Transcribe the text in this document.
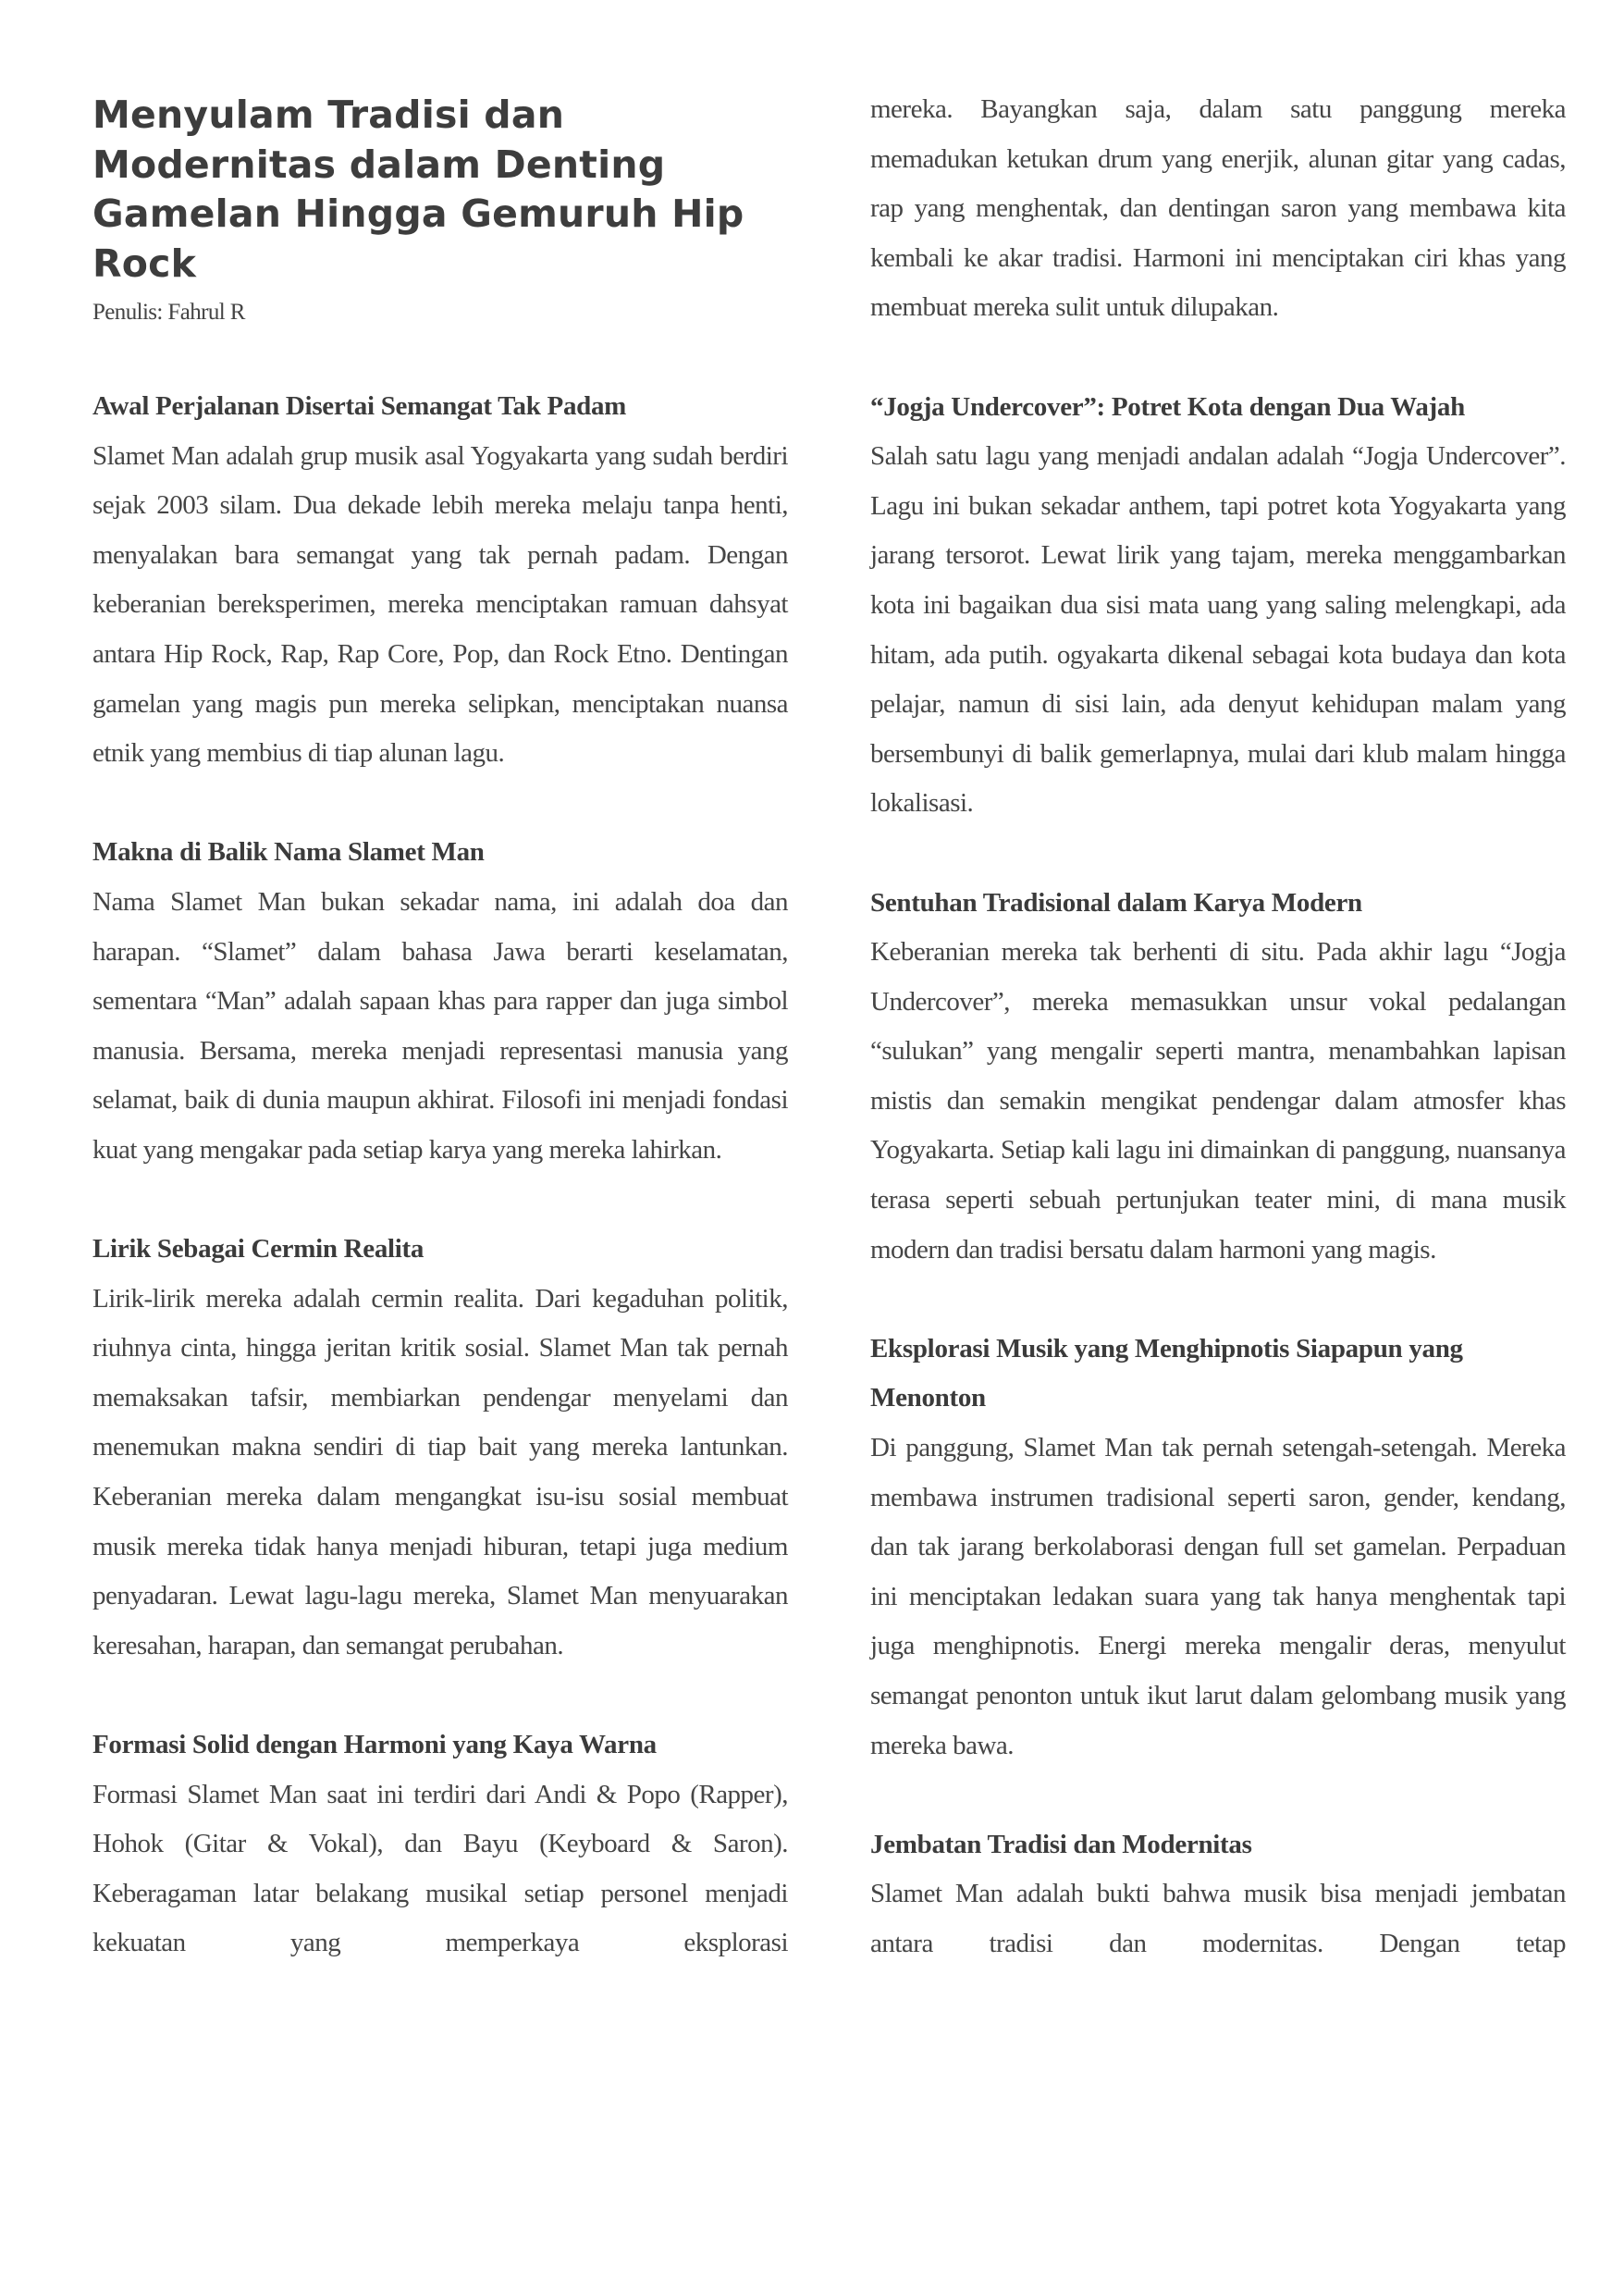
Menyulam Tradisi dan Modernitas dalam Denting Gamelan Hingga Gemuruh Hip Rock

Penulis: Fahrul R

Awal Perjalanan Disertai Semangat Tak Padam

Slamet Man adalah grup musik asal Yogyakarta yang sudah berdiri sejak 2003 silam. Dua dekade lebih mereka melaju tanpa henti, menyalakan bara semangat yang tak pernah padam. Dengan keberanian bereksperimen, mereka menciptakan ramuan dahsyat antara Hip Rock, Rap, Rap Core, Pop, dan Rock Etno. Dentingan gamelan yang magis pun mereka selipkan, menciptakan nuansa etnik yang membius di tiap alunan lagu.

Makna di Balik Nama Slamet Man

Nama Slamet Man bukan sekadar nama, ini adalah doa dan harapan. “Slamet” dalam bahasa Jawa berarti keselamatan, sementara “Man” adalah sapaan khas para rapper dan juga simbol manusia. Bersama, mereka menjadi representasi manusia yang selamat, baik di dunia maupun akhirat. Filosofi ini menjadi fondasi kuat yang mengakar pada setiap karya yang mereka lahirkan.

Lirik Sebagai Cermin Realita

Lirik-lirik mereka adalah cermin realita. Dari kegaduhan politik, riuhnya cinta, hingga jeritan kritik sosial. Slamet Man tak pernah memaksakan tafsir, membiarkan pendengar menyelami dan menemukan makna sendiri di tiap bait yang mereka lantunkan. Keberanian mereka dalam mengangkat isu-isu sosial membuat musik mereka tidak hanya menjadi hiburan, tetapi juga medium penyadaran. Lewat lagu-lagu mereka, Slamet Man menyuarakan keresahan, harapan, dan semangat perubahan.

Formasi Solid dengan Harmoni yang Kaya Warna

Formasi Slamet Man saat ini terdiri dari Andi & Popo (Rapper), Hohok (Gitar & Vokal), dan Bayu (Keyboard & Saron). Keberagaman latar belakang musikal setiap personel menjadi kekuatan yang memperkaya eksplorasi

mereka. Bayangkan saja, dalam satu panggung mereka memadukan ketukan drum yang enerjik, alunan gitar yang cadas, rap yang menghentak, dan dentingan saron yang membawa kita kembali ke akar tradisi. Harmoni ini menciptakan ciri khas yang membuat mereka sulit untuk dilupakan.

“Jogja Undercover”: Potret Kota dengan Dua Wajah

Salah satu lagu yang menjadi andalan adalah “Jogja Undercover”. Lagu ini bukan sekadar anthem, tapi potret kota Yogyakarta yang jarang tersorot. Lewat lirik yang tajam, mereka menggambarkan kota ini bagaikan dua sisi mata uang yang saling melengkapi, ada hitam, ada putih. ogyakarta dikenal sebagai kota budaya dan kota pelajar, namun di sisi lain, ada denyut kehidupan malam yang bersembunyi di balik gemerlapnya, mulai dari klub malam hingga lokalisasi.

Sentuhan Tradisional dalam Karya Modern

Keberanian mereka tak berhenti di situ. Pada akhir lagu “Jogja Undercover”, mereka memasukkan unsur vokal pedalangan “sulukan” yang mengalir seperti mantra, menambahkan lapisan mistis dan semakin mengikat pendengar dalam atmosfer khas Yogyakarta. Setiap kali lagu ini dimainkan di panggung, nuansanya terasa seperti sebuah pertunjukan teater mini, di mana musik modern dan tradisi bersatu dalam harmoni yang magis.

Eksplorasi Musik yang Menghipnotis Siapapun yang Menonton

Di panggung, Slamet Man tak pernah setengah-setengah. Mereka membawa instrumen tradisional seperti saron, gender, kendang, dan tak jarang berkolaborasi dengan full set gamelan. Perpaduan ini menciptakan ledakan suara yang tak hanya menghentak tapi juga menghipnotis. Energi mereka mengalir deras, menyulut semangat penonton untuk ikut larut dalam gelombang musik yang mereka bawa.

Jembatan Tradisi dan Modernitas

Slamet Man adalah bukti bahwa musik bisa menjadi jembatan antara tradisi dan modernitas. Dengan tetap
